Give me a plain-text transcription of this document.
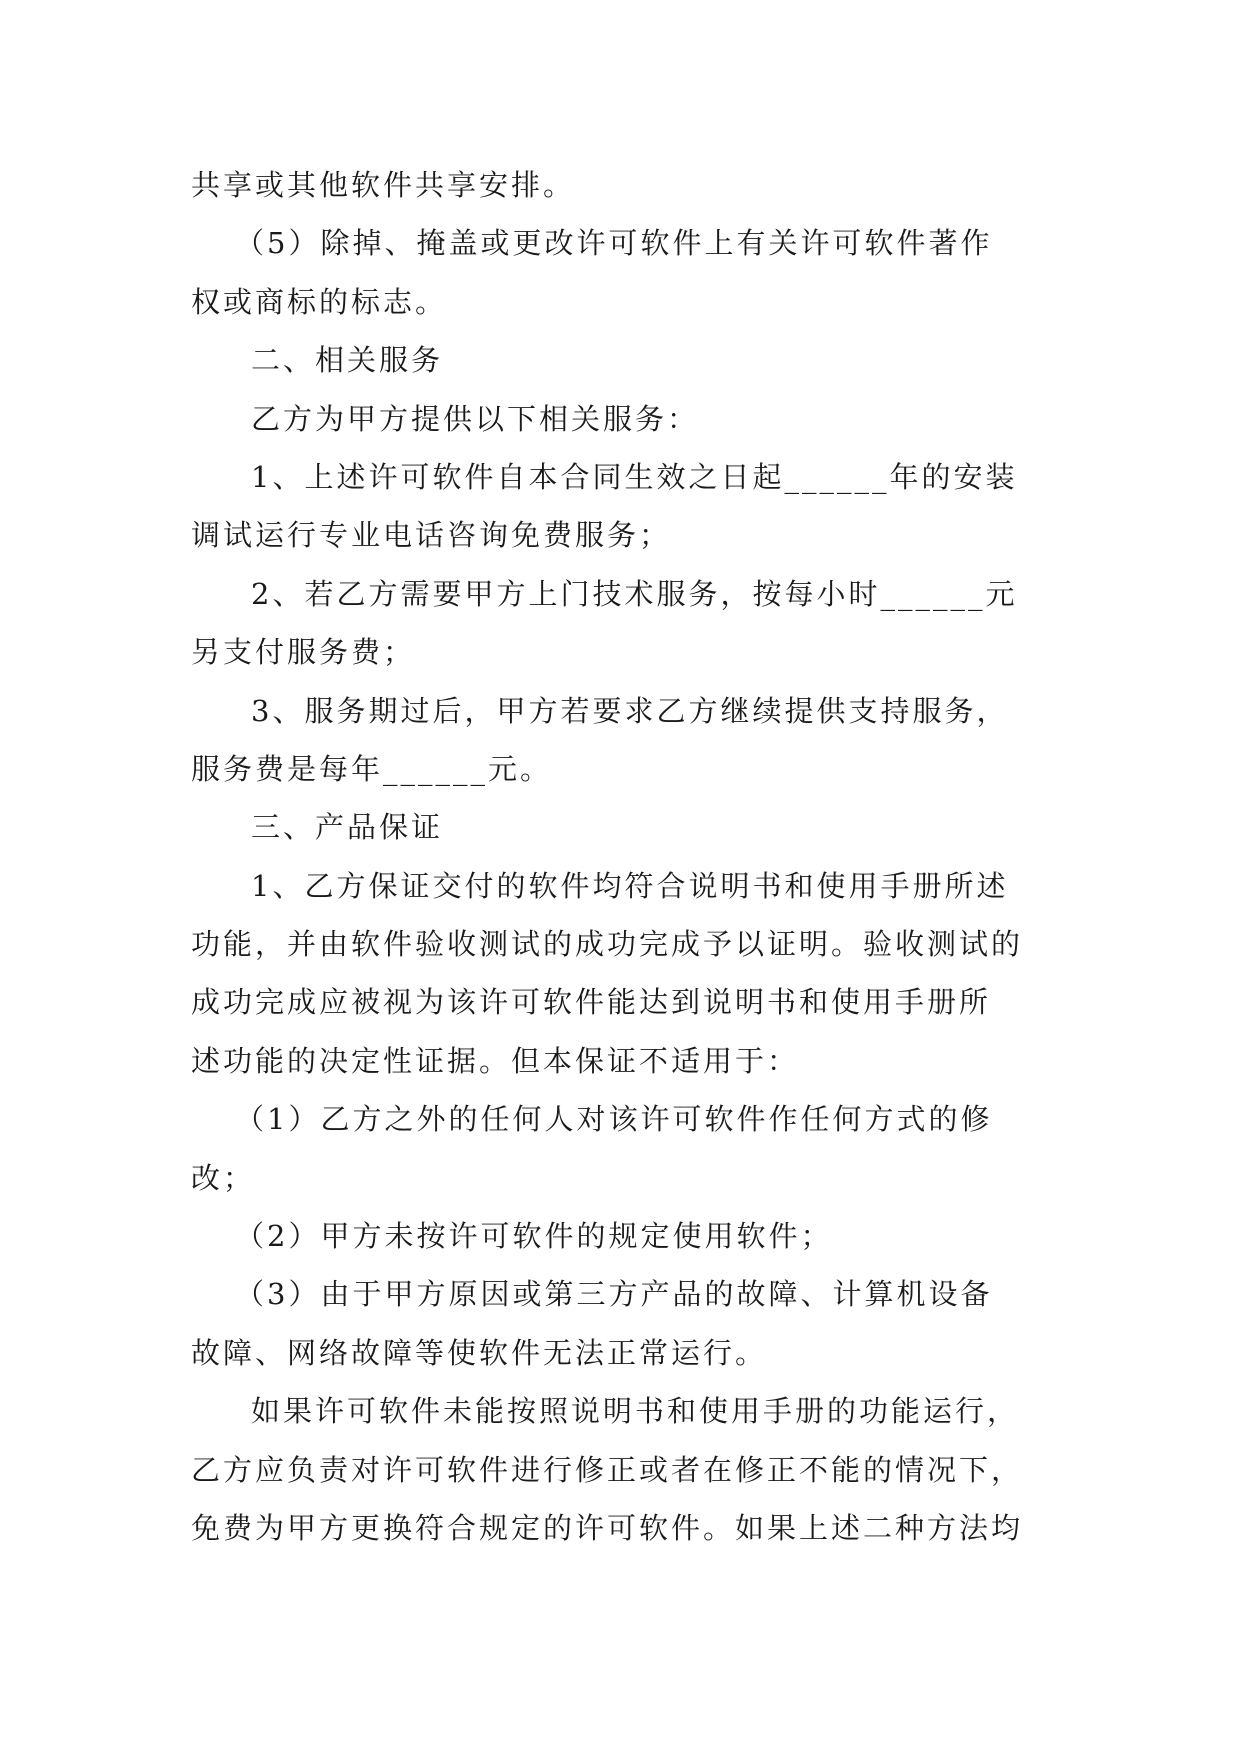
共享或其他软件共享安排。
（5）除掉、掩盖或更改许可软件上有关许可软件著作
权或商标的标志。
二、相关服务
乙方为甲方提供以下相关服务：
1、上述许可软件自本合同生效之日起______年的安装
调试运行专业电话咨询免费服务；
2、若乙方需要甲方上门技术服务，按每小时______元
另支付服务费；
3、服务期过后，甲方若要求乙方继续提供支持服务，
服务费是每年______元。
三、产品保证
1、乙方保证交付的软件均符合说明书和使用手册所述
功能，并由软件验收测试的成功完成予以证明。验收测试的
成功完成应被视为该许可软件能达到说明书和使用手册所
述功能的决定性证据。但本保证不适用于：
（1）乙方之外的任何人对该许可软件作任何方式的修
改；
（2）甲方未按许可软件的规定使用软件；
（3）由于甲方原因或第三方产品的故障、计算机设备
故障、网络故障等使软件无法正常运行。
如果许可软件未能按照说明书和使用手册的功能运行，
乙方应负责对许可软件进行修正或者在修正不能的情况下，
免费为甲方更换符合规定的许可软件。如果上述二种方法均
